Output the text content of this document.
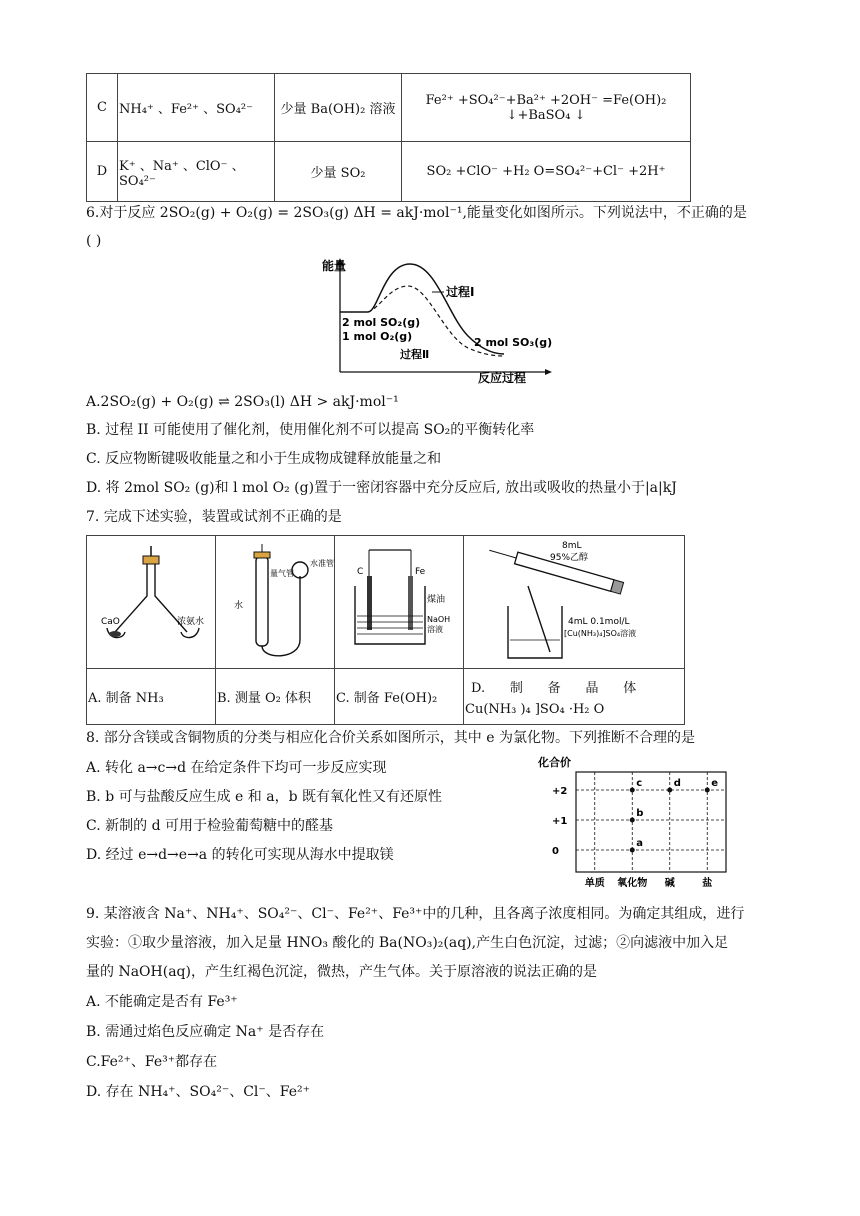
C	NH₄⁺ 、Fe²⁺ 、SO₄²⁻	少量 Ba(OH)₂ 溶液	Fe²⁺ +SO₄²⁻+Ba²⁺ +2OH⁻ =Fe(OH)₂ ↓+BaSO₄ ↓
D	K⁺ 、Na⁺ 、ClO⁻ 、SO₄²⁻	少量 SO₂	SO₂ +ClO⁻ +H₂ O=SO₄²⁻+Cl⁻ +2H⁺
6.对于反应 2SO₂(g) + O₂(g) = 2SO₃(g) ΔH = akJ·mol⁻¹,能量变化如图所示。下列说法中，不正确的是
( )
能量
过程Ⅰ
2 mol SO₂(g)
1 mol O₂(g)
过程Ⅱ
2 mol SO₃(g)
反应过程
A.2SO₂(g) + O₂(g) ⇌ 2SO₃(l) ΔH > akJ·mol⁻¹
B. 过程 II 可能使用了催化剂，使用催化剂不可以提高 SO₂的平衡转化率
C. 反应物断键吸收能量之和小于生成物成键释放能量之和
D. 将 2mol SO₂ (g)和 l mol O₂ (g)置于一密闭容器中充分反应后, 放出或吸收的热量小于|a|kJ
7. 完成下述实验，装置或试剂不正确的是
CaO 浓氨水	水
量气管
水准管	C Fe
煤油
NaOH
溶液	8mL
95%乙醇
4mL 0.1mol/L
[Cu(NH₃)₄]SO₄溶液

A. 制备 NH₃	B. 测量 O₂ 体积	C. 制备 Fe(OH)₂	D.      制      备      晶      体
Cu(NH₃ )₄ ]SO₄ ·H₂ O
8. 部分含镁或含铜物质的分类与相应化合价关系如图所示，其中 e 为氯化物。下列推断不合理的是
A. 转化 a→c→d 在给定条件下均可一步反应实现
B. b 可与盐酸反应生成 e 和 a，b 既有氧化性又有还原性
C. 新制的 d 可用于检验葡萄糖中的醛基
D. 经过 e→d→e→a 的转化可实现从海水中提取镁
化合价
+2
+1
0
单质 氧化物 碱	盐
a
b
c	d	e
9. 某溶液含 Na⁺、NH₄⁺、SO₄²⁻、Cl⁻、Fe²⁺、Fe³⁺中的几种，且各离子浓度相同。为确定其组成，进行
实验：①取少量溶液，加入足量 HNO₃ 酸化的 Ba(NO₃)₂(aq),产生白色沉淀，过滤；②向滤液中加入足
量的 NaOH(aq)，产生红褐色沉淀，微热，产生气体。关于原溶液的说法正确的是
A. 不能确定是否有 Fe³⁺
B. 需通过焰色反应确定 Na⁺ 是否存在
C.Fe²⁺、Fe³⁺都存在
D. 存在 NH₄⁺、SO₄²⁻、Cl⁻、Fe²⁺
